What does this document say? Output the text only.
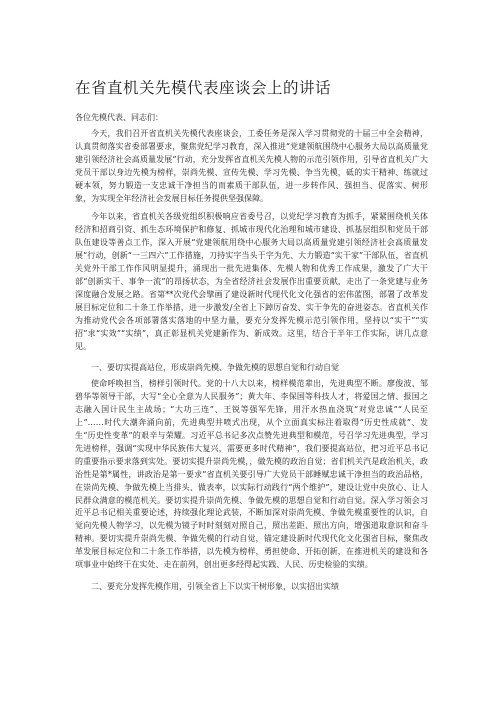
在省直机关先模代表座谈会上的讲话

各位先模代表、同志们：

今天，我们召开省直机关先模代表座谈会，工委任务是深入学习贯彻党的十届三中全会精神，认真贯彻落实省委部署要求，聚焦党纪学习教育，深入推进“党建领航围绕中心服务大局以高质量党建引领经济社会高质量发展”行动，充分发挥省直机关先模人物的示范引领作用，引导省直机关广大党员干部以身边先模为榜样，崇尚先模、宣传先模、学习先模、争当先模，砥的实干精神、练就过硬本领，努力锻造一支忠诚干净担当的而素质干部队伍，进一步转作风、强担当、促落实、树形象，为实现全年经济社会发展目标任务提供坚强保障。

今年以来，省直机关各级党组织积极响应省委号召，以党纪学习教育为抓手，紧紧围绕机关体经济和招商引资、抓生态环境保护和修复、抓城市现代化治理和城市建设、抓基层组织和党员干部队伍建设等善点工作，深入开展“党建领航用绕中心服务大局以高质量党建引领经济社会高质量发展”行动，创新“一三四六”工作措施，刀持实字当头于字为先、大力锻造“实干家”干部队伍，省直机关党外干部工作作风明显提升，涌现出一批先进集体、先模人物和优秀工作成果，激发了广大干部“创新实干、事争一流”的昂扬状态，为全省经济社会发展作出重要贡献，走出了一条党建与业务深度融合发展之路。省第**次党代会擘画了建设新时代现代化文化强省的宏伟蓝图，部署了改革发展目标定位和二十条工作举措，进一步激发/全省上下踔厉奋发、实干争先的奋进姿态。省直机关作为推动党代会各项部署落实落地的中坚力量，要充分发挥先模示范引领作用，坚持以“实干”“实招”求“实效”“实绩”，真正彰显机关党建新作为、新成效。这里，结合于半年工作实际，讲几点意见。

一、要切实提高站位，形成崇尚先模、争做先模的思想自觉和行动自觉

使命呼唤担当，榜样引领时代。党的十八大以来，榜样模范辈出，先进典型不断。廖俊波、邹碧华等领导干部，大写“全心全意为人民服务”；黄大年、李保国等科技人才，将爱国之情、报国之志融入国计民生主战场；“大功三连”、王锐等强军先锋，用汗水热血浇筑“对党忠诚”“人民至上”……时代大潮奔涌向前，先进典型井喷式出现，从个立面真实标注着取得“历史性成就”、发生“历史性变革”的艰辛与荣耀。习近平总书记多次点赞先进典型和模范，号召学习先进典型，学习先进榜样，强调“实现中华民族伟大复兴，需要更多时代精神”，我们要提高站位，把习近平总书记的重要指示要求落到实处。要切实提升崇尚先模，，做先模的政治自觉；省们机关汽是政治机关，政治性是第*属性，讲政治是第一要求”省直机关要引导广大党员干部睡赋忠诚干净担当的政治品格，在崇尚先模、争做先模上当排头、做表率，以实际行动践行“两个维护”，建设让党中央放心、让人民群众满意的模范机关。要切实提升崇尚先模、争做先模的思想自觉和行动自觉。深入学习领会习近平总书记相关重要论述，持续强化理论武装，不断加深对崇尚先模、争做先模重要性的认识，自觉向先模人物学习，以先模为镜子时时刻刻对照自己，照出差距、照出方向，增强道取意识和奋斗精神。要切实提升崇尚先模、争做先模的行动自觉，锚定建设新时代现代化文化强省目标，聚焦改革发展目标定位和二十条工作举措，以先模为榜样，勇担使命、开拓创新，在推进机关的建设和各项事业中始终干在实处、走在前列，创出更多经得起实践、人民、历史检验的实绩。

二、要充分发挥先模作用，引领全省上下以实干树形象，以实招出实绩
